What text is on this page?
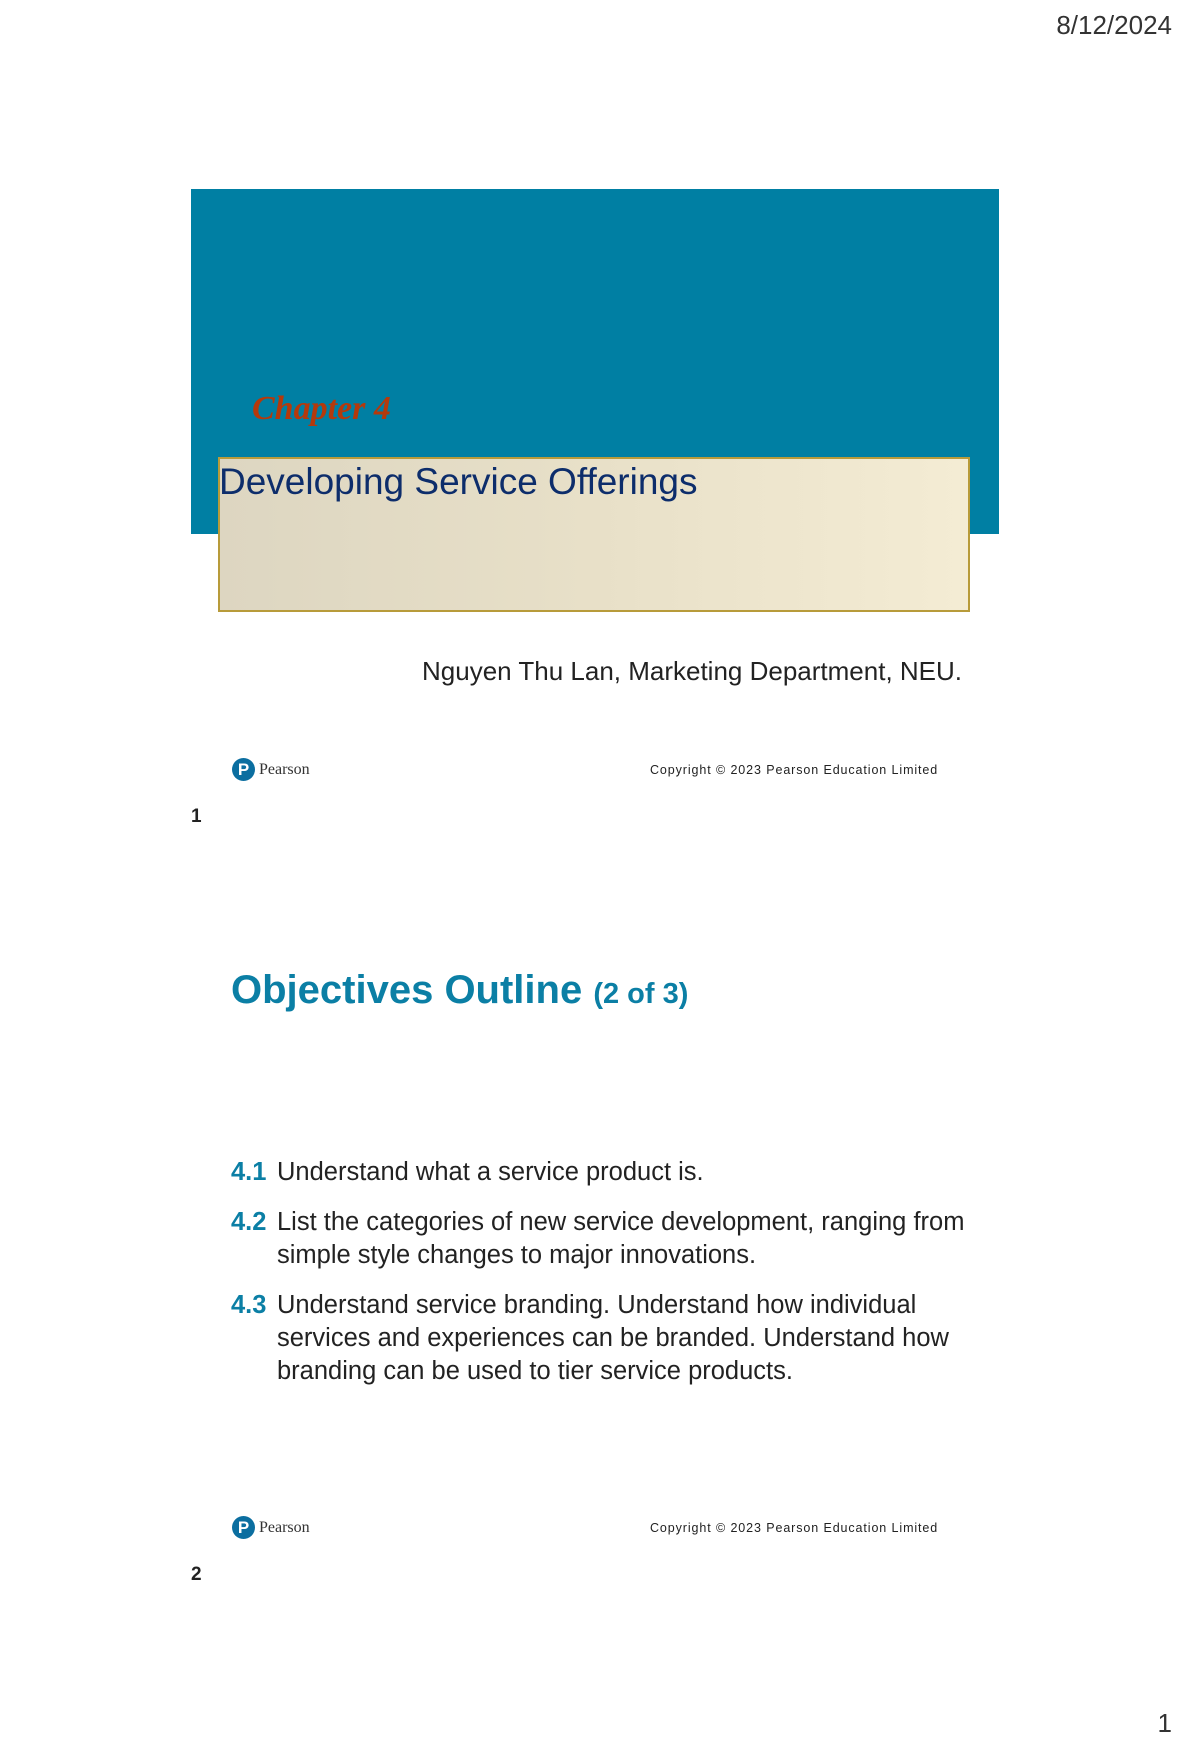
8/12/2024
Chapter 4
Developing Service Offerings
Nguyen Thu Lan, Marketing Department, NEU.
P Pearson	Copyright © 2023 Pearson Education Limited
1
Objectives Outline (2 of 3)
4.1 Understand what a service product is.
4.2 List the categories of new service development, ranging from simple style changes to major innovations.
4.3 Understand service branding. Understand how individual services and experiences can be branded. Understand how branding can be used to tier service products.
P Pearson	Copyright © 2023 Pearson Education Limited
2
1
